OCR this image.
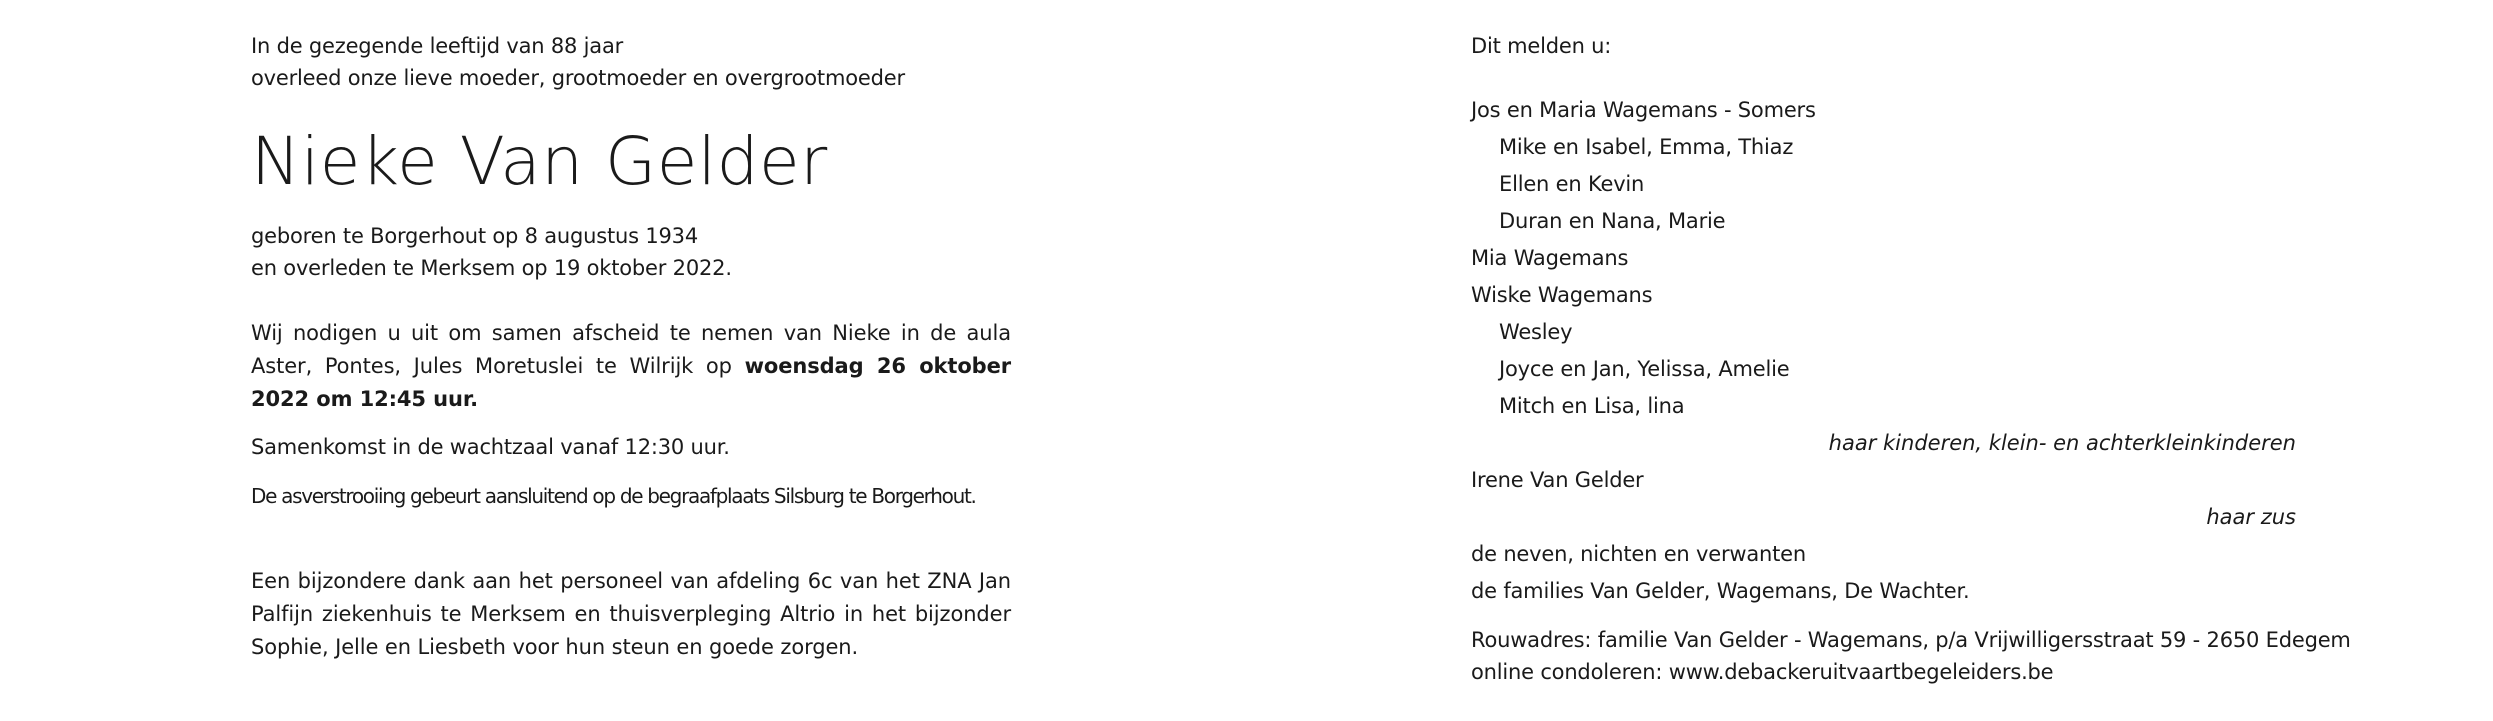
In de gezegende leeftijd van 88 jaar
overleed onze lieve moeder, grootmoeder en overgrootmoeder
Nieke Van Gelder
geboren te Borgerhout op 8 augustus 1934
en overleden te Merksem op 19 oktober 2022.
Wij nodigen u uit om samen afscheid te nemen van Nieke in de aula Aster, Pontes, Jules Moretuslei te Wilrijk op woensdag 26 oktober 2022 om 12:45 uur.
Samenkomst in de wachtzaal vanaf 12:30 uur.
De asverstrooiing gebeurt aansluitend op de begraafplaats Silsburg te Borgerhout.
Een bijzondere dank aan het personeel van afdeling 6c van het ZNA Jan Palfijn ziekenhuis te Merksem en thuisverpleging Altrio in het bijzonder Sophie, Jelle en Liesbeth voor hun steun en goede zorgen.
Dit melden u:
Jos en Maria Wagemans - Somers
Mike en Isabel, Emma, Thiaz
Ellen en Kevin
Duran en Nana, Marie
Mia Wagemans
Wiske Wagemans
Wesley
Joyce en Jan, Yelissa, Amelie
Mitch en Lisa, lina
haar kinderen, klein- en achterkleinkinderen
Irene Van Gelder
haar zus
de neven, nichten en verwanten
de families Van Gelder, Wagemans, De Wachter.
Rouwadres: familie Van Gelder - Wagemans, p/a Vrijwilligersstraat 59 - 2650 Edegem
online condoleren: www.debackeruitvaartbegeleiders.be
